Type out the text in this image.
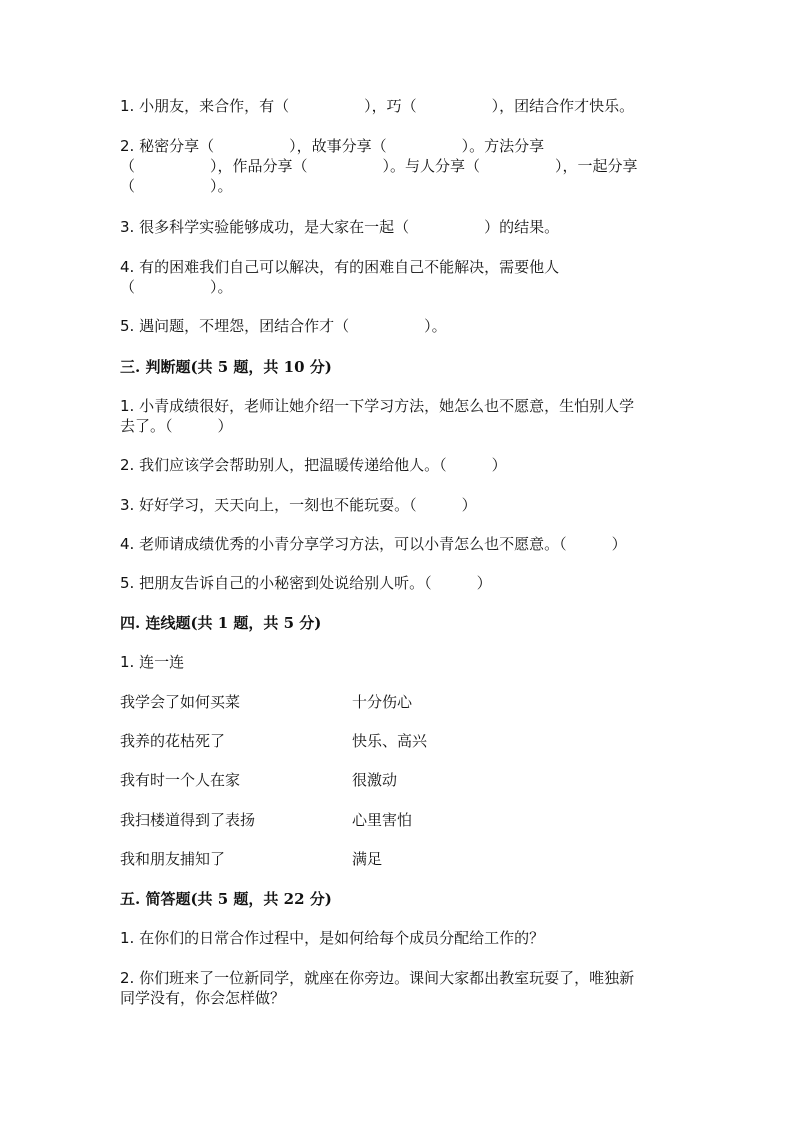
1. 小朋友，来合作，有（　　　　　），巧（　　　　　），团结合作才快乐。
2. 秘密分享（　　　　　），故事分享（　　　　　）。方法分享
（　　　　　），作品分享（　　　　　）。与人分享（　　　　　），一起分享
（　　　　　）。
3. 很多科学实验能够成功，是大家在一起（　　　　　）的结果。
4. 有的困难我们自己可以解决，有的困难自己不能解决，需要他人
（　　　　　）。
5. 遇问题，不埋怨，团结合作才（　　　　　）。
三. 判断题(共 5 题，共 10 分)
1. 小青成绩很好，老师让她介绍一下学习方法，她怎么也不愿意，生怕别人学
去了。（　　　）
2. 我们应该学会帮助别人，把温暖传递给他人。（　　　）
3. 好好学习，天天向上，一刻也不能玩耍。（　　　）
4. 老师请成绩优秀的小青分享学习方法，可以小青怎么也不愿意。（　　　）
5. 把朋友告诉自己的小秘密到处说给别人听。（　　　）
四. 连线题(共 1 题，共 5 分)
1. 连一连
我学会了如何买菜	十分伤心
我养的花枯死了	快乐、高兴
我有时一个人在家	很激动
我扫楼道得到了表扬	心里害怕
我和朋友捕知了	满足
五. 简答题(共 5 题，共 22 分)
1. 在你们的日常合作过程中，是如何给每个成员分配给工作的？
2. 你们班来了一位新同学，就座在你旁边。课间大家都出教室玩耍了，唯独新
同学没有，你会怎样做？
